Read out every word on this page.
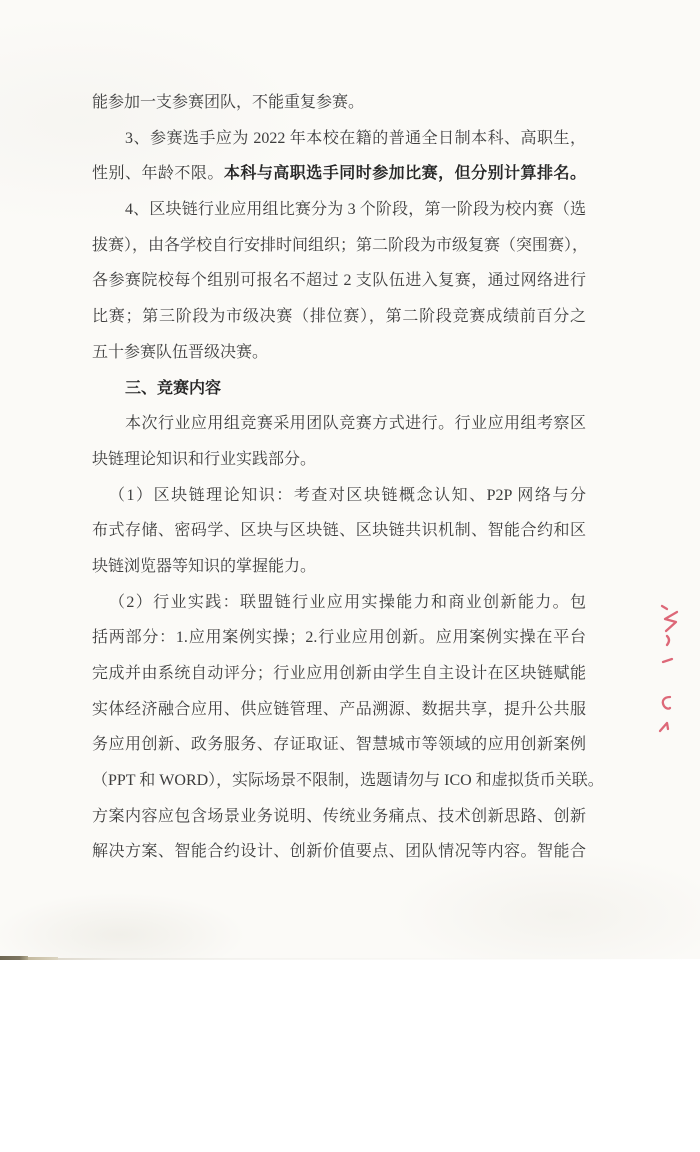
能参加一支参赛团队，不能重复参赛。
3、参赛选手应为 2022 年本校在籍的普通全日制本科、高职生，
性别、年龄不限。本科与高职选手同时参加比赛，但分别计算排名。
4、区块链行业应用组比赛分为 3 个阶段，第一阶段为校内赛（选
拔赛），由各学校自行安排时间组织；第二阶段为市级复赛（突围赛），
各参赛院校每个组别可报名不超过 2 支队伍进入复赛，通过网络进行
比赛；第三阶段为市级决赛（排位赛），第二阶段竞赛成绩前百分之
五十参赛队伍晋级决赛。
三、竞赛内容
本次行业应用组竞赛采用团队竞赛方式进行。行业应用组考察区
块链理论知识和行业实践部分。
（1）区块链理论知识：考查对区块链概念认知、P2P 网络与分
布式存储、密码学、区块与区块链、区块链共识机制、智能合约和区
块链浏览器等知识的掌握能力。
（2）行业实践：联盟链行业应用实操能力和商业创新能力。包
括两部分：1.应用案例实操；2.行业应用创新。应用案例实操在平台
完成并由系统自动评分；行业应用创新由学生自主设计在区块链赋能
实体经济融合应用、供应链管理、产品溯源、数据共享，提升公共服
务应用创新、政务服务、存证取证、智慧城市等领域的应用创新案例
（PPT 和 WORD），实际场景不限制，选题请勿与 ICO 和虚拟货币关联。
方案内容应包含场景业务说明、传统业务痛点、技术创新思路、创新
解决方案、智能合约设计、创新价值要点、团队情况等内容。智能合
